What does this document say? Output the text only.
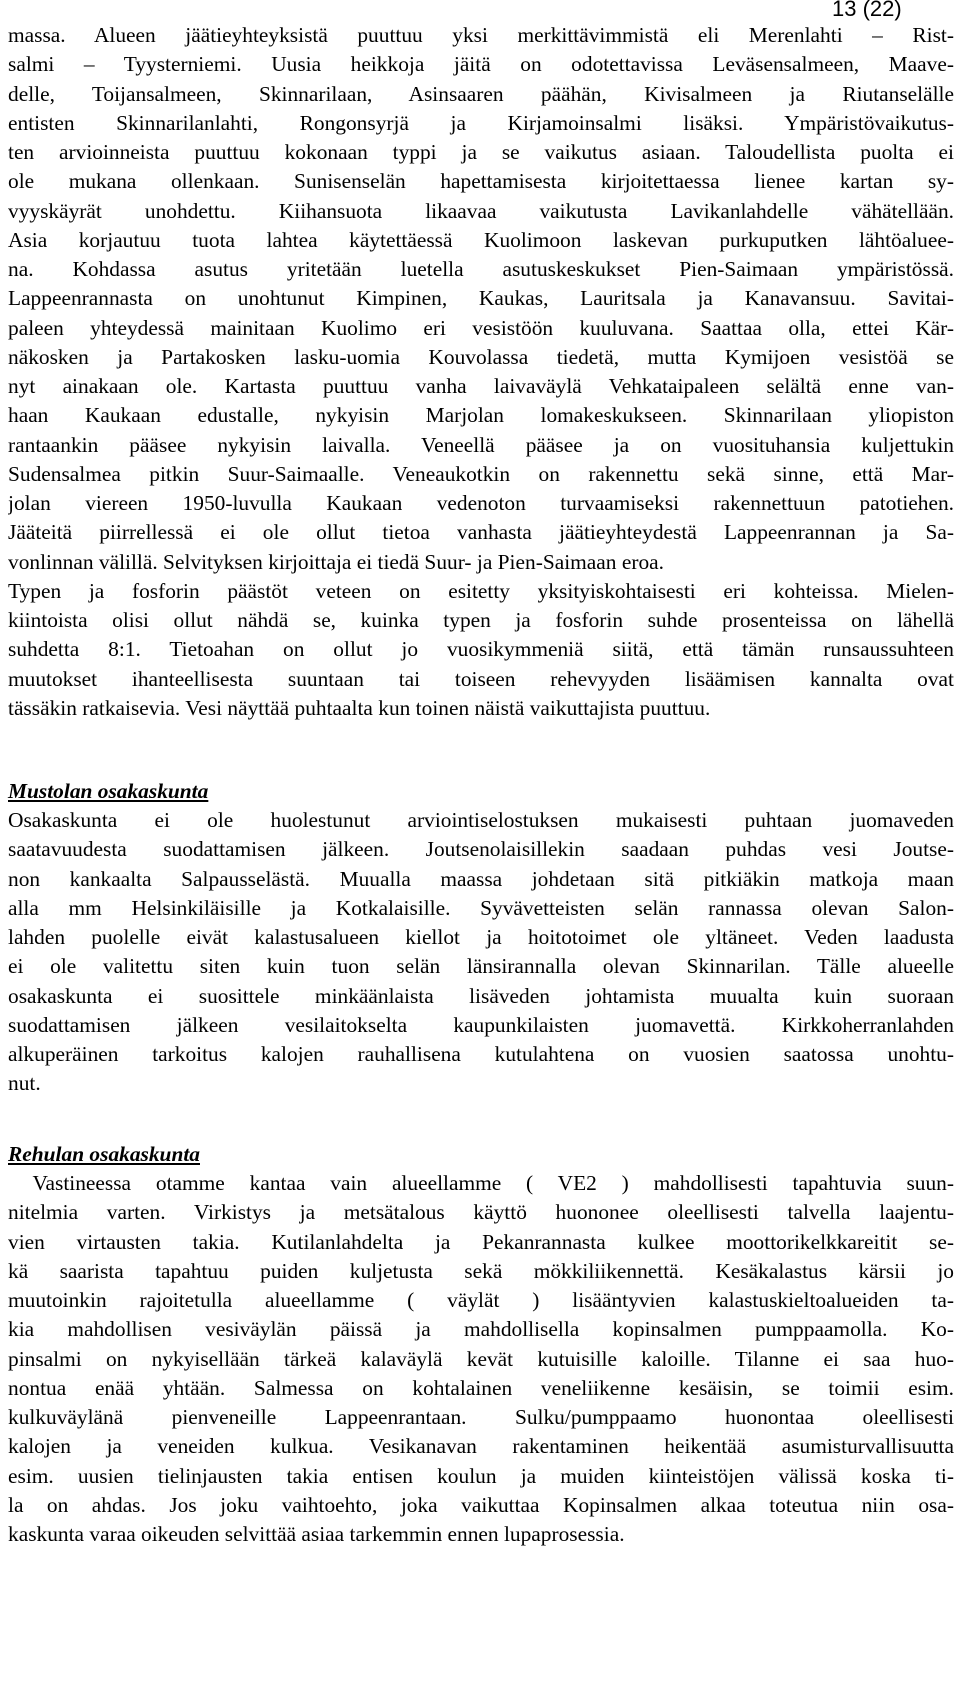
13 (22)
massa. Alueen jäätieyhteyksistä puuttuu yksi merkittävimmistä eli Merenlahti – Rist-
salmi – Tyysterniemi. Uusia heikkoja jäitä on odotettavissa Leväsensalmeen, Maave-
delle, Toijansalmeen, Skinnarilaan, Asinsaaren päähän, Kivisalmeen ja Riutanselälle
entisten Skinnarilanlahti, Rongonsyrjä ja Kirjamoinsalmi lisäksi. Ympäristövaikutus-
ten arvioinneista puuttuu kokonaan typpi ja se vaikutus asiaan. Taloudellista puolta ei
ole mukana ollenkaan. Sunisenselän hapettamisesta kirjoitettaessa lienee kartan sy-
vyyskäyrät unohdettu. Kiihansuota likaavaa vaikutusta Lavikanlahdelle vähätellään.
Asia korjautuu tuota lahtea käytettäessä Kuolimoon laskevan purkuputken lähtöaluee-
na. Kohdassa asutus yritetään luetella asutuskeskukset Pien-Saimaan ympäristössä.
Lappeenrannasta on unohtunut Kimpinen, Kaukas, Lauritsala ja Kanavansuu. Savitai-
paleen yhteydessä mainitaan Kuolimo eri vesistöön kuuluvana. Saattaa olla, ettei Kär-
näkosken ja Partakosken lasku-uomia Kouvolassa tiedetä, mutta Kymijoen vesistöä se
nyt ainakaan ole. Kartasta puuttuu vanha laivaväylä Vehkataipaleen selältä enne van-
haan Kaukaan edustalle, nykyisin Marjolan lomakeskukseen. Skinnarilaan yliopiston
rantaankin pääsee nykyisin laivalla. Veneellä pääsee ja on vuosituhansia kuljettukin
Sudensalmea pitkin Suur-Saimaalle. Veneaukotkin on rakennettu sekä sinne, että Mar-
jolan viereen 1950-luvulla Kaukaan vedenoton turvaamiseksi rakennettuun patotiehen.
Jääteitä piirrellessä ei ole ollut tietoa vanhasta jäätieyhteydestä Lappeenrannan ja Sa-
vonlinnan välillä. Selvityksen kirjoittaja ei tiedä Suur- ja Pien-Saimaan eroa.
Typen ja fosforin päästöt veteen on esitetty yksityiskohtaisesti eri kohteissa. Mielen-
kiintoista olisi ollut nähdä se, kuinka typen ja fosforin suhde prosenteissa on lähellä
suhdetta 8:1. Tietoahan on ollut jo vuosikymmeniä siitä, että tämän runsaussuhteen
muutokset ihanteellisesta suuntaan tai toiseen rehevyyden lisäämisen kannalta ovat
tässäkin ratkaisevia. Vesi näyttää puhtaalta kun toinen näistä vaikuttajista puuttuu.
Mustolan osakaskunta
Osakaskunta ei ole huolestunut arviointiselostuksen mukaisesti puhtaan juomaveden
saatavuudesta suodattamisen jälkeen. Joutsenolaisillekin saadaan puhdas vesi Joutse-
non kankaalta Salpausselästä. Muualla maassa johdetaan sitä pitkiäkin matkoja maan
alla mm Helsinkiläisille ja Kotkalaisille. Syvävetteisten selän rannassa olevan Salon-
lahden puolelle eivät kalastusalueen kiellot ja hoitotoimet ole yltäneet. Veden laadusta
ei ole valitettu siten kuin tuon selän länsirannalla olevan Skinnarilan. Tälle alueelle
osakaskunta ei suosittele minkäänlaista lisäveden johtamista muualta kuin suoraan
suodattamisen jälkeen vesilaitokselta kaupunkilaisten juomavettä. Kirkkoherranlahden
alkuperäinen tarkoitus kalojen rauhallisena kutulahtena on vuosien saatossa unohtu-
nut.
Rehulan osakaskunta
Vastineessa otamme kantaa vain alueellamme ( VE2 ) mahdollisesti tapahtuvia suun-
nitelmia varten. Virkistys ja metsätalous käyttö huononee oleellisesti talvella laajentu-
vien virtausten takia. Kutilanlahdelta ja Pekanrannasta kulkee moottorikelkkareitit se-
kä saarista tapahtuu puiden kuljetusta sekä mökkiliikennettä. Kesäkalastus kärsii jo
muutoinkin rajoitetulla alueellamme ( väylät ) lisääntyvien kalastuskieltoalueiden ta-
kia mahdollisen vesiväylän päissä ja mahdollisella kopinsalmen pumppaamolla. Ko-
pinsalmi on nykyisellään tärkeä kalaväylä kevät kutuisille kaloille. Tilanne ei saa huo-
nontua enää yhtään. Salmessa on kohtalainen veneliikenne kesäisin, se toimii esim.
kulkuväylänä pienveneille Lappeenrantaan. Sulku/pumppaamo huonontaa oleellisesti
kalojen ja veneiden kulkua. Vesikanavan rakentaminen heikentää asumisturvallisuutta
esim. uusien tielinjausten takia entisen koulun ja muiden kiinteistöjen välissä koska ti-
la on ahdas. Jos joku vaihtoehto, joka vaikuttaa Kopinsalmen alkaa toteutua niin osa-
kaskunta varaa oikeuden selvittää asiaa tarkemmin ennen lupaprosessia.
